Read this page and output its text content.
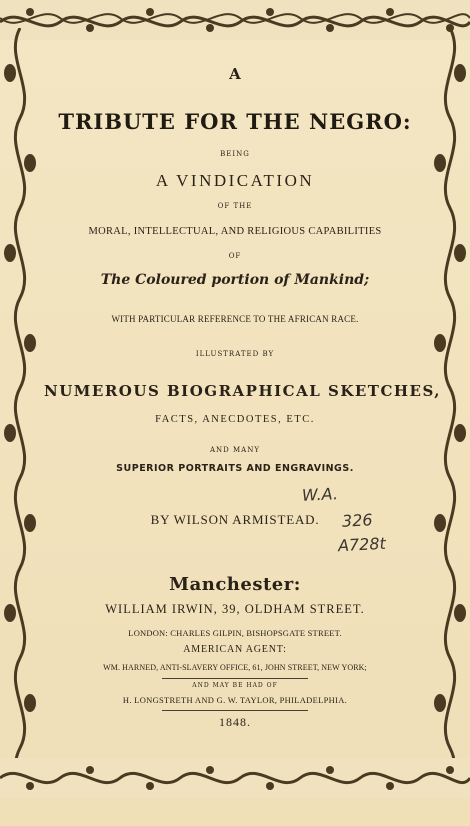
A
TRIBUTE FOR THE NEGRO:
BEING
A VINDICATION
OF THE
MORAL, INTELLECTUAL, AND RELIGIOUS CAPABILITIES
OF
The Coloured portion of Mankind;
WITH PARTICULAR REFERENCE TO THE AFRICAN RACE.
ILLUSTRATED BY
NUMEROUS BIOGRAPHICAL SKETCHES,
FACTS, ANECDOTES, ETC.
AND MANY
SUPERIOR PORTRAITS AND ENGRAVINGS.
BY WILSON ARMISTEAD.
W.A.
326
A728t
Manchester:
WILLIAM IRWIN, 39, OLDHAM STREET.
LONDON: CHARLES GILPIN, BISHOPSGATE STREET.
AMERICAN AGENT:
WM. HARNED, ANTI-SLAVERY OFFICE, 61, JOHN STREET, NEW YORK;
AND MAY BE HAD OF
H. LONGSTRETH AND G. W. TAYLOR, PHILADELPHIA.
1848.
